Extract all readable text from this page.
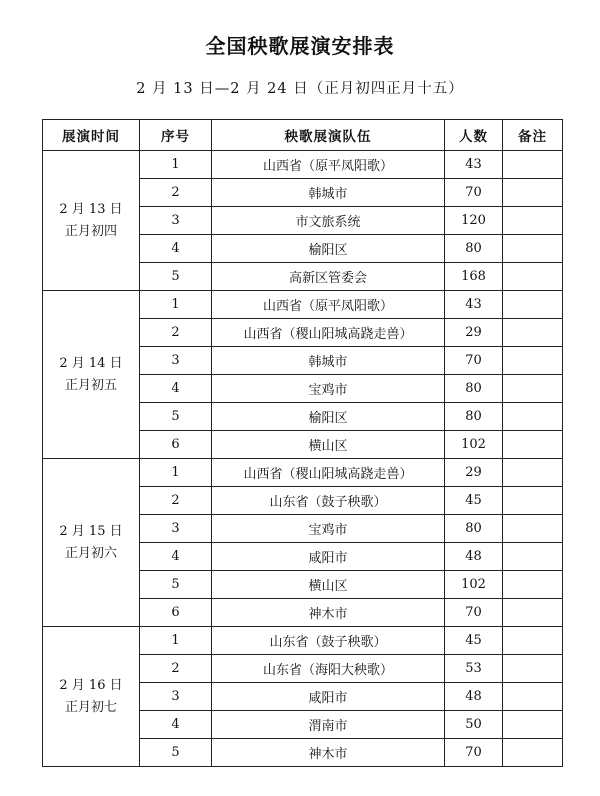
全国秧歌展演安排表
2 月 13 日—2 月 24 日（正月初四正月十五）
展演时间	序号	秧歌展演队伍	人数	备注

2 月 13 日
正月初四	1	山西省（原平凤阳歌）	43	
	2	韩城市	70	
	3	市文旅系统	120	
	4	榆阳区	80	
	5	高新区管委会	168	

2 月 14 日
正月初五	1	山西省（原平凤阳歌）	43	
	2	山西省（稷山阳城高跷走兽）	29	
	3	韩城市	70	
	4	宝鸡市	80	
	5	榆阳区	80	
	6	横山区	102	

2 月 15 日
正月初六	1	山西省（稷山阳城高跷走兽）	29	
	2	山东省（鼓子秧歌）	45	
	3	宝鸡市	80	
	4	咸阳市	48	
	5	横山区	102	
	6	神木市	70	

2 月 16 日
正月初七	1	山东省（鼓子秧歌）	45	
	2	山东省（海阳大秧歌）	53	
	3	咸阳市	48	
	4	渭南市	50	
	5	神木市	70	
